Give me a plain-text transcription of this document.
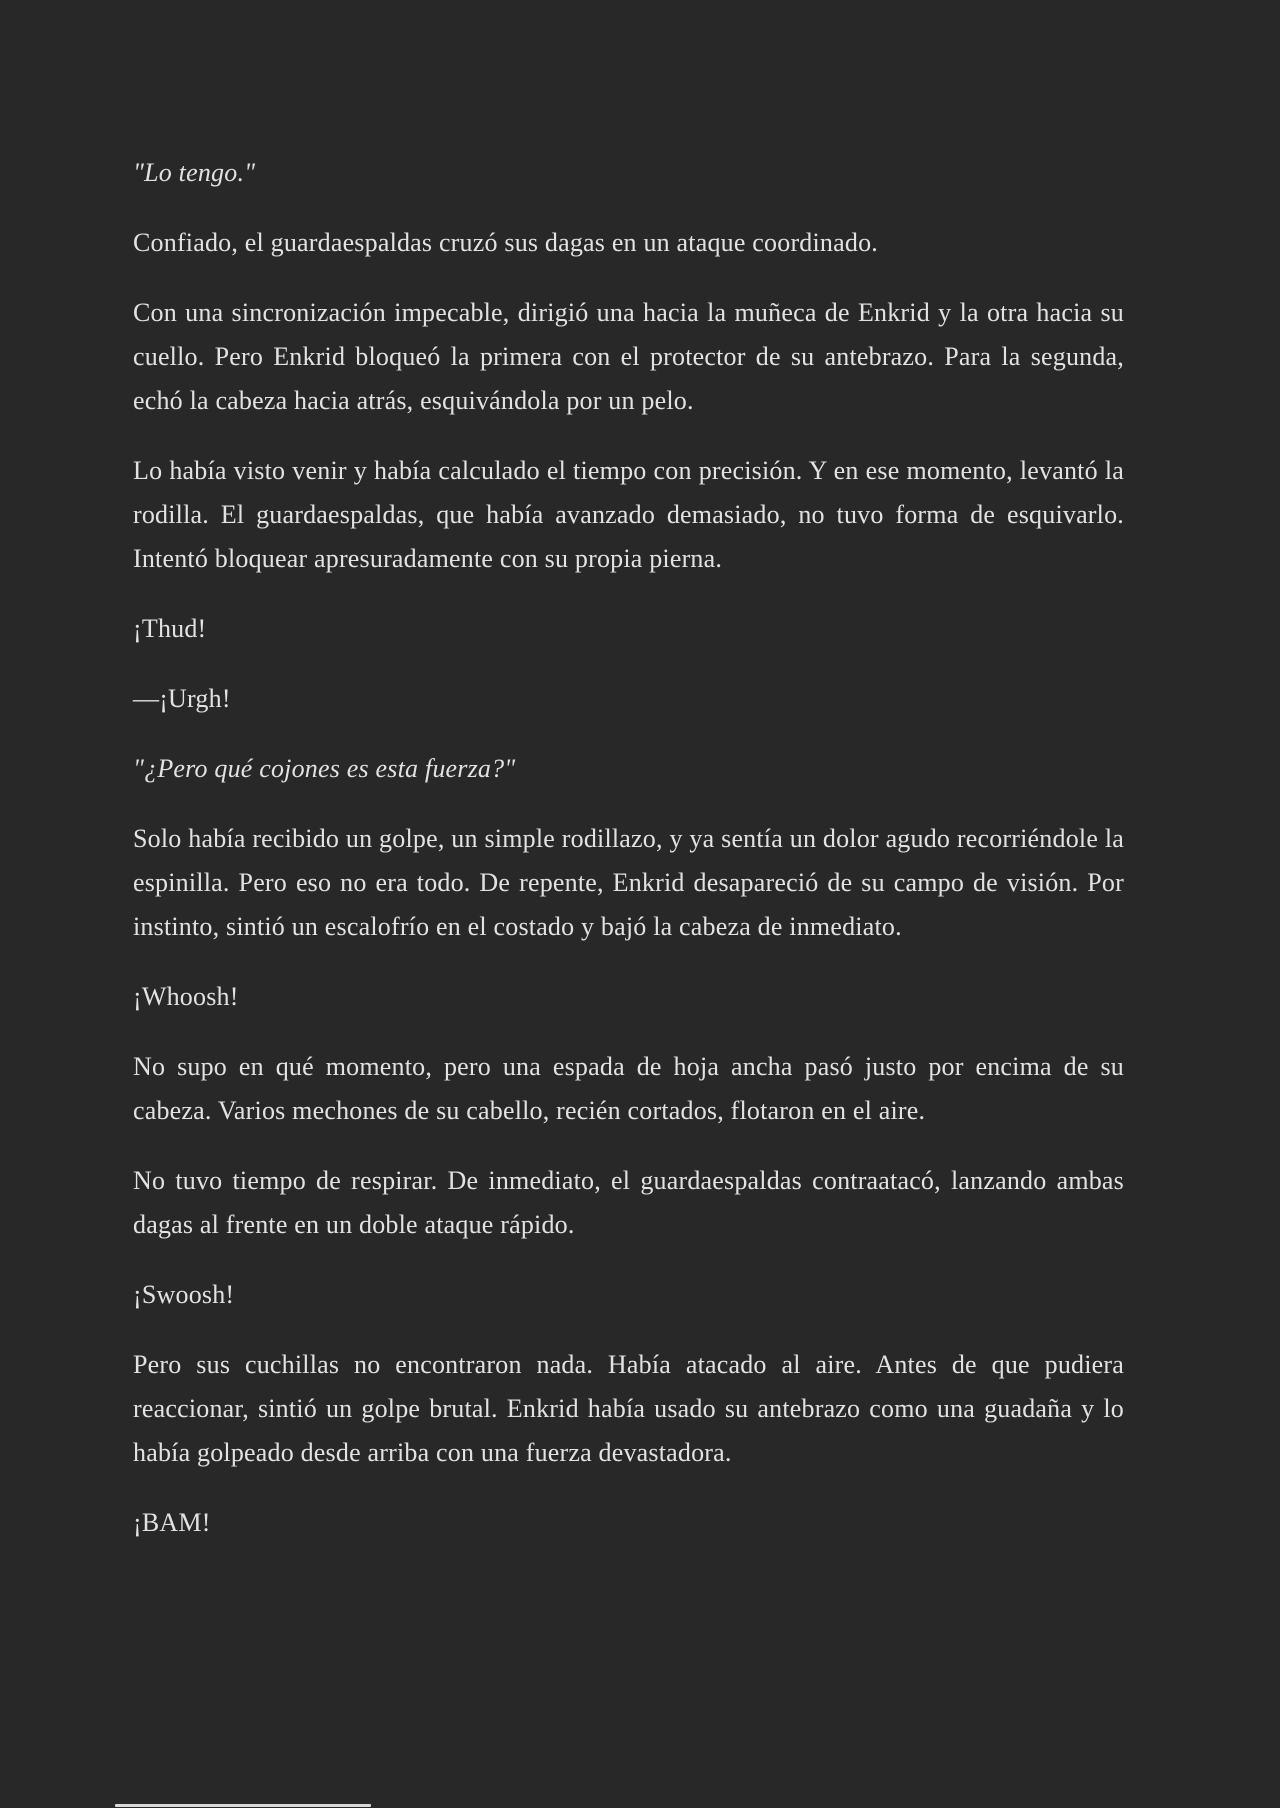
"Lo tengo."

Confiado, el guardaespaldas cruzó sus dagas en un ataque coordinado.

Con una sincronización impecable, dirigió una hacia la muñeca de Enkrid y la otra hacia su cuello. Pero Enkrid bloqueó la primera con el protector de su antebrazo. Para la segunda, echó la cabeza hacia atrás, esquivándola por un pelo.

Lo había visto venir y había calculado el tiempo con precisión. Y en ese momento, levantó la rodilla. El guardaespaldas, que había avanzado demasiado, no tuvo forma de esquivarlo. Intentó bloquear apresuradamente con su propia pierna.

¡Thud!

—¡Urgh!

"¿Pero qué cojones es esta fuerza?"

Solo había recibido un golpe, un simple rodillazo, y ya sentía un dolor agudo recorriéndole la espinilla. Pero eso no era todo. De repente, Enkrid desapareció de su campo de visión. Por instinto, sintió un escalofrío en el costado y bajó la cabeza de inmediato.

¡Whoosh!

No supo en qué momento, pero una espada de hoja ancha pasó justo por encima de su cabeza. Varios mechones de su cabello, recién cortados, flotaron en el aire.

No tuvo tiempo de respirar. De inmediato, el guardaespaldas contraatacó, lanzando ambas dagas al frente en un doble ataque rápido.

¡Swoosh!

Pero sus cuchillas no encontraron nada. Había atacado al aire. Antes de que pudiera reaccionar, sintió un golpe brutal. Enkrid había usado su antebrazo como una guadaña y lo había golpeado desde arriba con una fuerza devastadora.

¡BAM!
